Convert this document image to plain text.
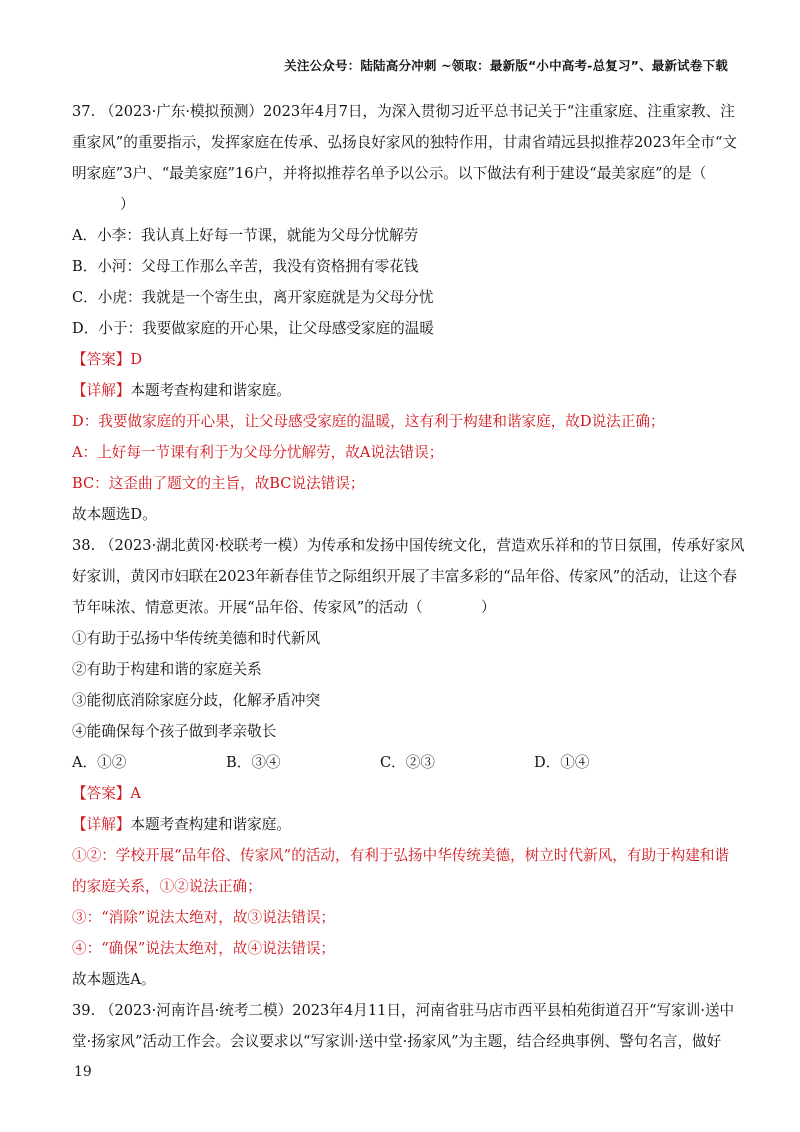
关注公众号：陆陆高分冲刺 ~领取：最新版“小中高考-总复习”、最新试卷下载
37. （2023·广东·模拟预测）2023年4月7日，为深入贯彻习近平总书记关于“注重家庭、注重家教、注
重家风”的重要指示，发挥家庭在传承、弘扬良好家风的独特作用，甘肃省靖远县拟推荐2023年全市“文
明家庭”3户、“最美家庭”16户，并将拟推荐名单予以公示。以下做法有利于建设“最美家庭”的是（
）
A．小李：我认真上好每一节课，就能为父母分忧解劳
B．小河：父母工作那么辛苦，我没有资格拥有零花钱
C．小虎：我就是一个寄生虫，离开家庭就是为父母分忧
D．小于：我要做家庭的开心果，让父母感受家庭的温暖
【答案】D
【详解】本题考查构建和谐家庭。
D：我要做家庭的开心果，让父母感受家庭的温暖，这有利于构建和谐家庭，故D说法正确；
A：上好每一节课有利于为父母分忧解劳，故A说法错误；
BC：这歪曲了题文的主旨，故BC说法错误；
故本题选D。
38. （2023·湖北黄冈·校联考一模）为传承和发扬中国传统文化，营造欢乐祥和的节日氛围，传承好家风
好家训，黄冈市妇联在2023年新春佳节之际组织开展了丰富多彩的“品年俗、传家风”的活动，让这个春
节年味浓、情意更浓。开展“品年俗、传家风”的活动（　　　　）
①有助于弘扬中华传统美德和时代新风
②有助于构建和谐的家庭关系
③能彻底消除家庭分歧，化解矛盾冲突
④能确保每个孩子做到孝亲敬长
A．①②	B．③④	C．②③	D．①④
【答案】A
【详解】本题考查构建和谐家庭。
①②：学校开展“品年俗、传家风”的活动，有利于弘扬中华传统美德，树立时代新风，有助于构建和谐
的家庭关系，①②说法正确；
③：“消除”说法太绝对，故③说法错误；
④：“确保”说法太绝对，故④说法错误；
故本题选A。
39. （2023·河南许昌·统考二模）2023年4月11日，河南省驻马店市西平县柏苑街道召开“写家训·送中
堂·扬家风”活动工作会。会议要求以“写家训·送中堂·扬家风”为主题，结合经典事例、警句名言，做好
19
